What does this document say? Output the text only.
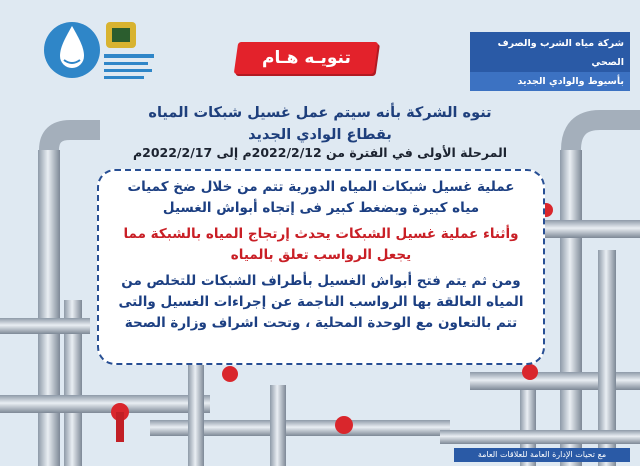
شركة مياه الشرب والصرف الصحي
بأسيوط والوادي الجديد
تنويـه هـام
تنوه الشركة بأنه سيتم عمل غسيل شبكات المياه
بقطاع الوادي الجديد
المرحلة الأولى في الفترة من 2022/2/12م إلى 2022/2/17م

عملية غسيل شبكات المياه الدورية تتم من خلال ضخ كميات مياه كبيرة وبضغط كبير فى إتجاه أبواش الغسيل

وأثناء عملية غسيل الشبكات يحدث إرتجاج المياه بالشبكة مما يجعل الرواسب تعلق بالمياه

ومن ثم يتم فتح أبواش الغسيل بأطراف الشبكات للتخلص من المياه العالقة بها الرواسب الناجمة عن إجراءات الغسيل والتى تتم بالتعاون مع الوحدة المحلية ، وتحت اشراف وزارة الصحة

مع تحيات الإدارة العامة للعلاقات العامة
